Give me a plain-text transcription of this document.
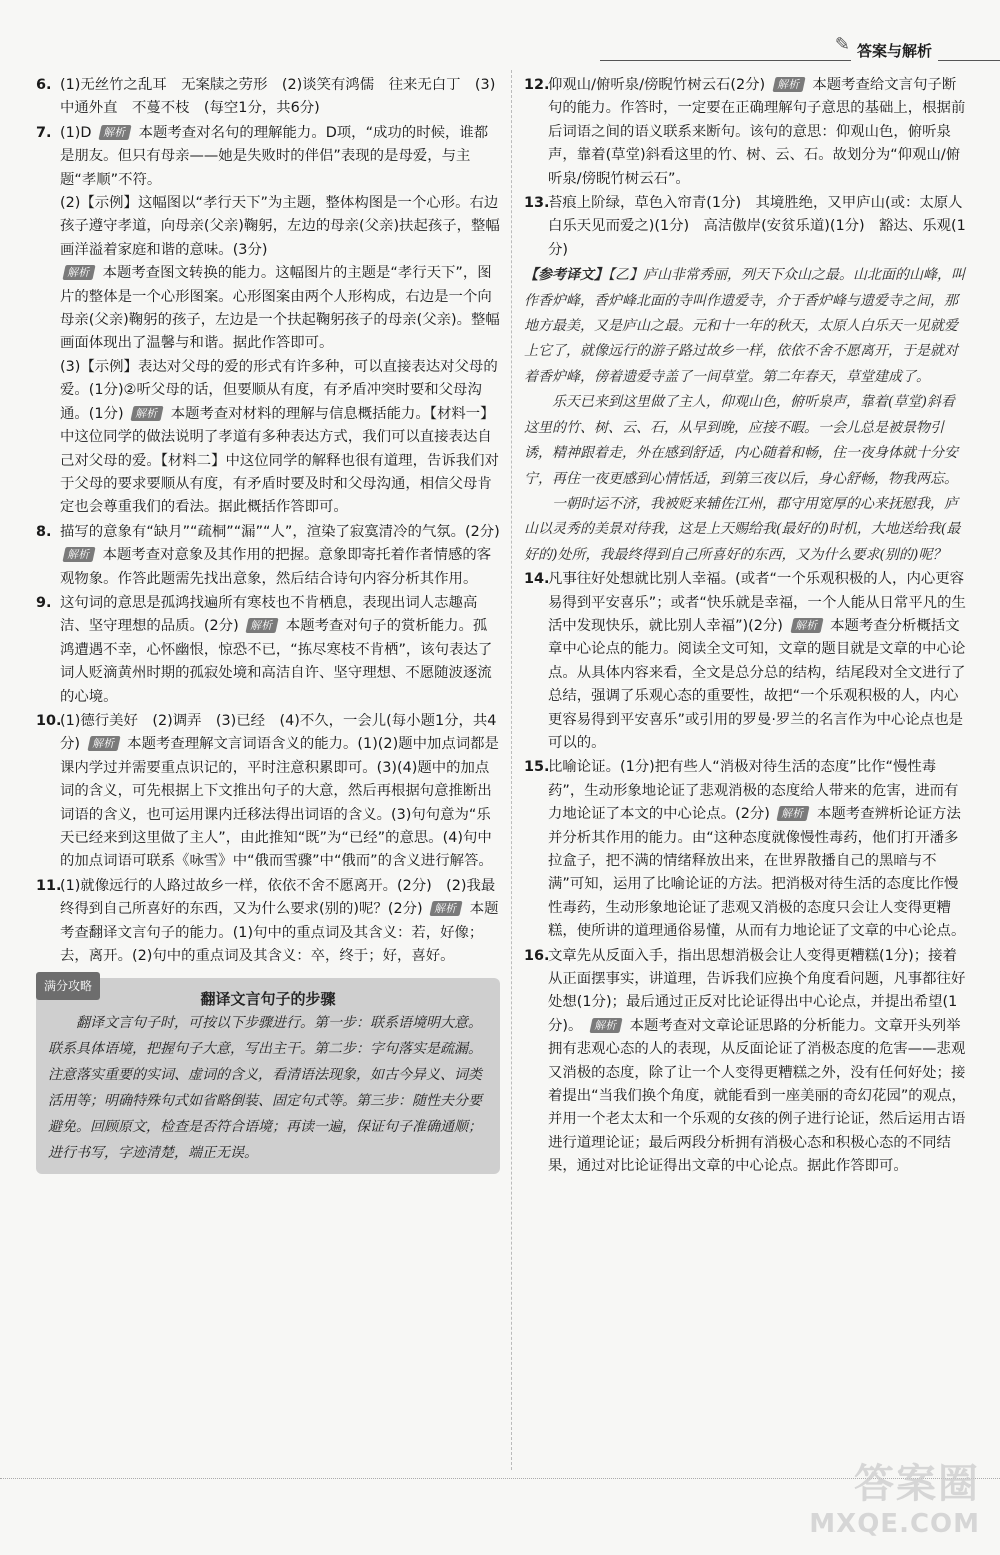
✎ 答案与解析
6. (1)无丝竹之乱耳　无案牍之劳形　(2)谈笑有鸿儒　往来无白丁　(3)中通外直　不蔓不枝　(每空1分，共6分)

7. (1)D 解析 本题考查对名句的理解能力。D项，“成功的时候，谁都是朋友。但只有母亲——她是失败时的伴侣”表现的是母爱，与主题“孝顺”不符。

(2)【示例】这幅图以“孝行天下”为主题，整体构图是一个心形。右边孩子遵守孝道，向母亲(父亲)鞠躬，左边的母亲(父亲)扶起孩子，整幅画洋溢着家庭和谐的意味。(3分)

解析 本题考查图文转换的能力。这幅图片的主题是“孝行天下”，图片的整体是一个心形图案。心形图案由两个人形构成，右边是一个向母亲(父亲)鞠躬的孩子，左边是一个扶起鞠躬孩子的母亲(父亲)。整幅画面体现出了温馨与和谐。据此作答即可。

(3)【示例】表达对父母的爱的形式有许多种，可以直接表达对父母的爱。(1分)②听父母的话，但要顺从有度，有矛盾冲突时要和父母沟通。(1分) 解析 本题考查对材料的理解与信息概括能力。【材料一】中这位同学的做法说明了孝道有多种表达方式，我们可以直接表达自己对父母的爱。【材料二】中这位同学的解释也很有道理，告诉我们对于父母的要求要顺从有度，有矛盾时要及时和父母沟通，相信父母肯定也会尊重我们的看法。据此概括作答即可。

8. 描写的意象有“缺月”“疏桐”“漏”“人”，渲染了寂寞清冷的气氛。(2分) 解析 本题考查对意象及其作用的把握。意象即寄托着作者情感的客观物象。作答此题需先找出意象，然后结合诗句内容分析其作用。

9. 这句词的意思是孤鸿找遍所有寒枝也不肯栖息，表现出词人志趣高洁、坚守理想的品质。(2分) 解析 本题考查对句子的赏析能力。孤鸿遭遇不幸，心怀幽恨，惊恐不已，“拣尽寒枝不肯栖”，该句表达了词人贬滴黄州时期的孤寂处境和高洁自许、坚守理想、不愿随波逐流的心境。

10.

(1)德行美好　(2)调弄　(3)已经　(4)不久，一会儿(每小题1分，共4分) 解析 本题考查理解文言词语含义的能力。(1)(2)题中加点词都是课内学过并需要重点识记的，平时注意积累即可。(3)(4)题中的加点词的含义，可先根据上下文推出句子的大意，然后再根据句意推断出词语的含义，也可运用课内迁移法得出词语的含义。(3)句句意为“乐天已经来到这里做了主人”，由此推知“既”为“已经”的意思。(4)句中的加点词语可联系《咏雪》中“俄而雪骤”中“俄而”的含义进行解答。

11.

(1)就像远行的人路过故乡一样，依依不舍不愿离开。(2分)　(2)我最终得到自己所喜好的东西，又为什么要求(别的)呢？(2分) 解析 本题考查翻译文言句子的能力。(1)句中的重点词及其含义：若，好像；去，离开。(2)句中的重点词及其含义：卒，终于；好，喜好。

满分攻略
翻译文言句子的步骤

翻译文言句子时，可按以下步骤进行。第一步：联系语境明大意。联系具体语境，把握句子大意，写出主干。第二步：字句落实是疏漏。注意落实重要的实词、虚词的含义，看清语法现象，如古今异义、词类活用等；明确特殊句式如省略倒装、固定句式等。第三步：随性夫分要避免。回顾原文，检查是否符合语境；再读一遍，保证句子准确通顺；进行书写，字迹清楚，端正无误。

12.

仰观山/俯听泉/傍睨竹树云石(2分) 解析 本题考查给文言句子断句的能力。作答时，一定要在正确理解句子意思的基础上，根据前后词语之间的语义联系来断句。该句的意思：仰观山色，俯听泉声，靠着(草堂)斜看这里的竹、树、云、石。故划分为“仰观山/俯听泉/傍睨竹树云石”。

13.

苔痕上阶绿，草色入帘青(1分)　其境胜绝，又甲庐山(或：太原人白乐天见而爱之)(1分)　高洁傲岸(安贫乐道)(1分)　豁达、乐观(1分)

【参考译文】【乙】庐山非常秀丽，列天下众山之最。山北面的山峰，叫作香炉峰，香炉峰北面的寺叫作遗爱寺，介于香炉峰与遗爱寺之间，那地方最美，又是庐山之最。元和十一年的秋天，太原人白乐天一见就爱上它了，就像远行的游子路过故乡一样，依依不舍不愿离开，于是就对着香炉峰，傍着遗爱寺盖了一间草堂。第二年春天，草堂建成了。

乐天已来到这里做了主人，仰观山色，俯听泉声，靠着(草堂)斜看这里的竹、树、云、石，从早到晚，应接不暇。一会儿总是被景物引诱，精神跟着走，外在感到舒适，内心随着和畅，住一夜身体就十分安宁，再住一夜更感到心情恬适，到第三夜以后，身心舒畅，物我两忘。

一朝时运不济，我被贬来辅佐江州，郡守用宽厚的心来抚慰我，庐山以灵秀的美景对待我，这是上天赐给我(最好的)时机，大地送给我(最好的)处所，我最终得到自己所喜好的东西，又为什么要求(别的)呢？

14.

凡事往好处想就比别人幸福。(或者“一个乐观积极的人，内心更容易得到平安喜乐”；或者“快乐就是幸福，一个人能从日常平凡的生活中发现快乐，就比别人幸福”)(2分) 解析 本题考查分析概括文章中心论点的能力。阅读全文可知，文章的题目就是文章的中心论点。从具体内容来看，全文是总分总的结构，结尾段对全文进行了总结，强调了乐观心态的重要性，故把“一个乐观积极的人，内心更容易得到平安喜乐”或引用的罗曼·罗兰的名言作为中心论点也是可以的。

15.

比喻论证。(1分)把有些人“消极对待生活的态度”比作“慢性毒药”，生动形象地论证了悲观消极的态度给人带来的危害，进而有力地论证了本文的中心论点。(2分) 解析 本题考查辨析论证方法并分析其作用的能力。由“这种态度就像慢性毒药，他们打开潘多拉盒子，把不满的情绪释放出来，在世界散播自己的黑暗与不满”可知，运用了比喻论证的方法。把消极对待生活的态度比作慢性毒药，生动形象地论证了悲观又消极的态度只会让人变得更糟糕，使所讲的道理通俗易懂，从而有力地论证了文章的中心论点。

16.

文章先从反面入手，指出思想消极会让人变得更糟糕(1分)；接着从正面摆事实，讲道理，告诉我们应换个角度看问题，凡事都往好处想(1分)；最后通过正反对比论证得出中心论点，并提出希望(1分)。 解析 本题考查对文章论证思路的分析能力。文章开头列举拥有悲观心态的人的表现，从反面论证了消极态度的危害——悲观又消极的态度，除了让一个人变得更糟糕之外，没有任何好处；接着提出“当我们换个角度，就能看到一座美丽的奇幻花园”的观点，并用一个老太太和一个乐观的女孩的例子进行论证，然后运用古语进行道理论证；最后两段分析拥有消极心态和积极心态的不同结果，通过对比论证得出文章的中心论点。据此作答即可。

答案圈
MXQE.COM
